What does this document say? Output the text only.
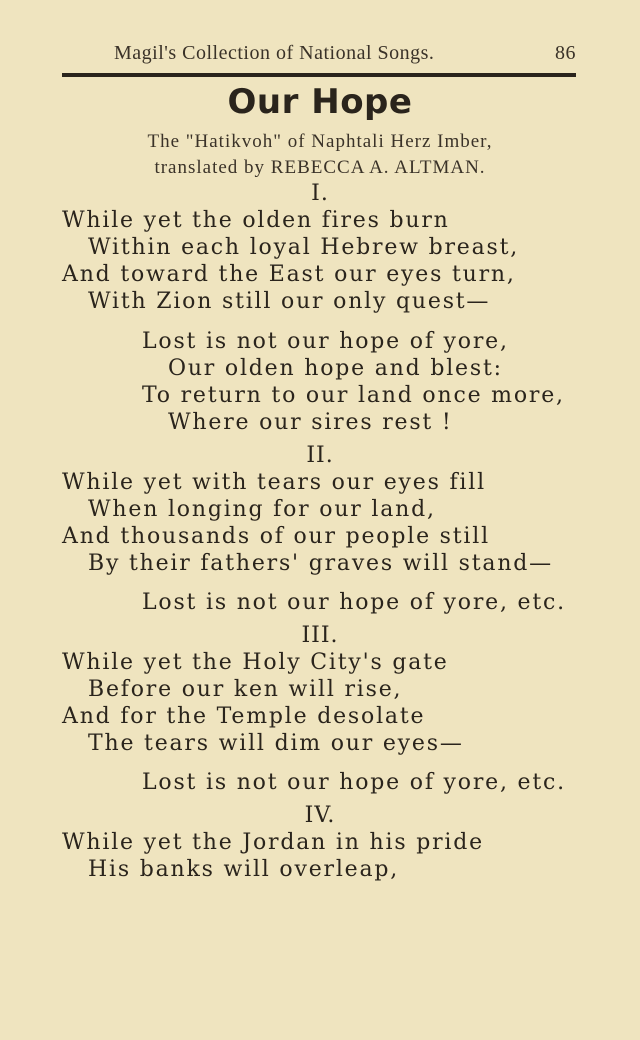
Magil's Collection of National Songs.	86
Our Hope
The "Hatikvoh" of Naphtali Herz Imber,
translated by REBECCA A. ALTMAN.
I.
While yet the olden fires burn
Within each loyal Hebrew breast,
And toward the East our eyes turn,
With Zion still our only quest—
Lost is not our hope of yore,
Our olden hope and blest:
To return to our land once more,
Where our sires rest !
II.
While yet with tears our eyes fill
When longing for our land,
And thousands of our people still
By their fathers' graves will stand—
Lost is not our hope of yore, etc.
III.
While yet the Holy City's gate
Before our ken will rise,
And for the Temple desolate
The tears will dim our eyes—
Lost is not our hope of yore, etc.
IV.
While yet the Jordan in his pride
His banks will overleap,
